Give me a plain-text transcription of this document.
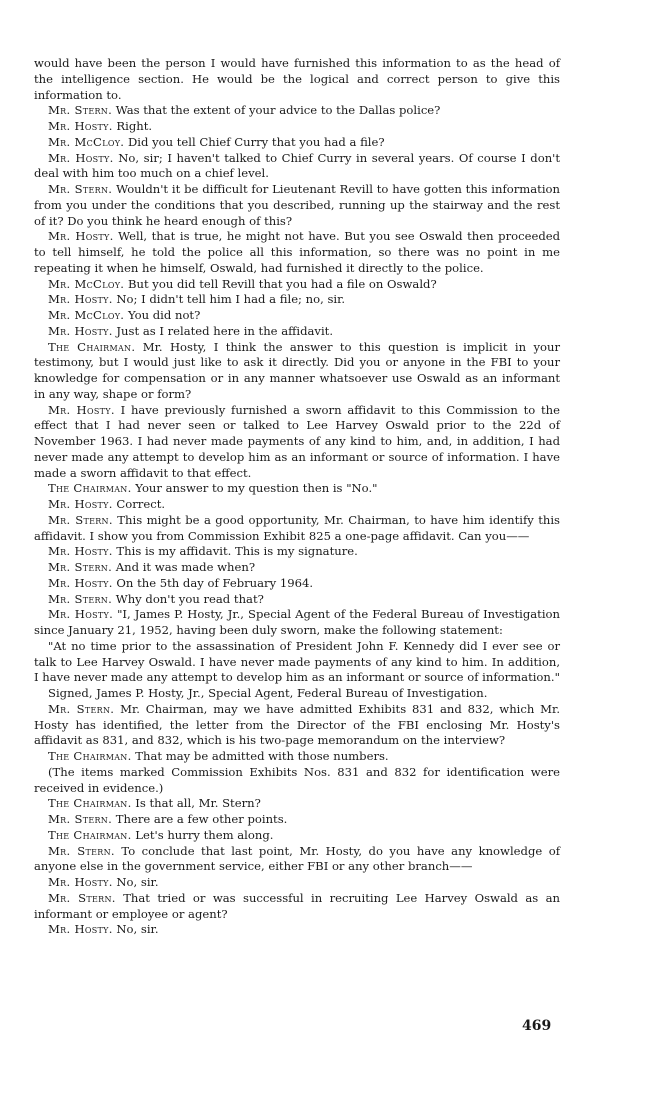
would have been the person I would have furnished this information to as the head of the intelligence section. He would be the logical and correct person to give this information to.

Mr. Stern. Was that the extent of your advice to the Dallas police?

Mr. Hosty. Right.

Mr. McCloy. Did you tell Chief Curry that you had a file?

Mr. Hosty. No, sir; I haven't talked to Chief Curry in several years. Of course I don't deal with him too much on a chief level.

Mr. Stern. Wouldn't it be difficult for Lieutenant Revill to have gotten this information from you under the conditions that you described, running up the stairway and the rest of it? Do you think he heard enough of this?

Mr. Hosty. Well, that is true, he might not have. But you see Oswald then proceeded to tell himself, he told the police all this information, so there was no point in me repeating it when he himself, Oswald, had furnished it directly to the police.

Mr. McCloy. But you did tell Revill that you had a file on Oswald?

Mr. Hosty. No; I didn't tell him I had a file; no, sir.

Mr. McCloy. You did not?

Mr. Hosty. Just as I related here in the affidavit.

The Chairman. Mr. Hosty, I think the answer to this question is implicit in your testimony, but I would just like to ask it directly. Did you or anyone in the FBI to your knowledge for compensation or in any manner whatsoever use Oswald as an informant in any way, shape or form?

Mr. Hosty. I have previously furnished a sworn affidavit to this Commission to the effect that I had never seen or talked to Lee Harvey Oswald prior to the 22d of November 1963. I had never made payments of any kind to him, and, in addition, I had never made any attempt to develop him as an informant or source of information. I have made a sworn affidavit to that effect.

The Chairman. Your answer to my question then is "No."

Mr. Hosty. Correct.

Mr. Stern. This might be a good opportunity, Mr. Chairman, to have him identify this affidavit. I show you from Commission Exhibit 825 a one-page affidavit. Can you——

Mr. Hosty. This is my affidavit. This is my signature.

Mr. Stern. And it was made when?

Mr. Hosty. On the 5th day of February 1964.

Mr. Stern. Why don't you read that?

Mr. Hosty. "I, James P. Hosty, Jr., Special Agent of the Federal Bureau of Investigation since January 21, 1952, having been duly sworn, make the following statement:

"At no time prior to the assassination of President John F. Kennedy did I ever see or talk to Lee Harvey Oswald. I have never made payments of any kind to him. In addition, I have never made any attempt to develop him as an informant or source of information."

Signed, James P. Hosty, Jr., Special Agent, Federal Bureau of Investigation.

Mr. Stern. Mr. Chairman, may we have admitted Exhibits 831 and 832, which Mr. Hosty has identified, the letter from the Director of the FBI enclosing Mr. Hosty's affidavit as 831, and 832, which is his two-page memorandum on the interview?

The Chairman. That may be admitted with those numbers.

(The items marked Commission Exhibits Nos. 831 and 832 for identification were received in evidence.)

The Chairman. Is that all, Mr. Stern?

Mr. Stern. There are a few other points.

The Chairman. Let's hurry them along.

Mr. Stern. To conclude that last point, Mr. Hosty, do you have any knowledge of anyone else in the government service, either FBI or any other branch——

Mr. Hosty. No, sir.

Mr. Stern. That tried or was successful in recruiting Lee Harvey Oswald as an informant or employee or agent?

Mr. Hosty. No, sir.

469
